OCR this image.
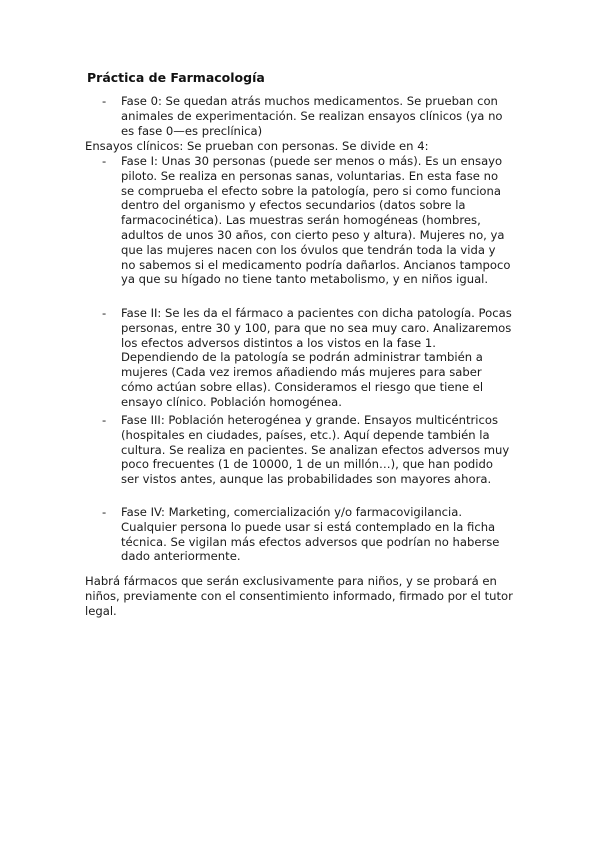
Práctica de Farmacología
- Fase 0: Se quedan atrás muchos medicamentos. Se prueban con animales de experimentación. Se realizan ensayos clínicos (ya no es fase 0—es preclínica)
Ensayos clínicos: Se prueban con personas. Se divide en 4:
- Fase I: Unas 30 personas (puede ser menos o más). Es un ensayo piloto. Se realiza en personas sanas, voluntarias. En esta fase no se comprueba el efecto sobre la patología, pero si como funciona dentro del organismo y efectos secundarios (datos sobre la farmacocinética). Las muestras serán homogéneas (hombres, adultos de unos 30 años, con cierto peso y altura). Mujeres no, ya que las mujeres nacen con los óvulos que tendrán toda la vida y no sabemos si el medicamento podría dañarlos. Ancianos tampoco ya que su hígado no tiene tanto metabolismo, y en niños igual.
- Fase II: Se les da el fármaco a pacientes con dicha patología. Pocas personas, entre 30 y 100, para que no sea muy caro. Analizaremos los efectos adversos distintos a los vistos en la fase 1. Dependiendo de la patología se podrán administrar también a mujeres (Cada vez iremos añadiendo más mujeres para saber cómo actúan sobre ellas). Consideramos el riesgo que tiene el ensayo clínico. Población homogénea.
- Fase III: Población heterogénea y grande. Ensayos multicéntricos (hospitales en ciudades, países, etc.). Aquí depende también la cultura. Se realiza en pacientes. Se analizan efectos adversos muy poco frecuentes (1 de 10000, 1 de un millón…), que han podido ser vistos antes, aunque las probabilidades son mayores ahora.
- Fase IV: Marketing, comercialización y/o farmacovigilancia. Cualquier persona lo puede usar si está contemplado en la ficha técnica. Se vigilan más efectos adversos que podrían no haberse dado anteriormente.
Habrá fármacos que serán exclusivamente para niños, y se probará en niños, previamente con el consentimiento informado, firmado por el tutor legal.
